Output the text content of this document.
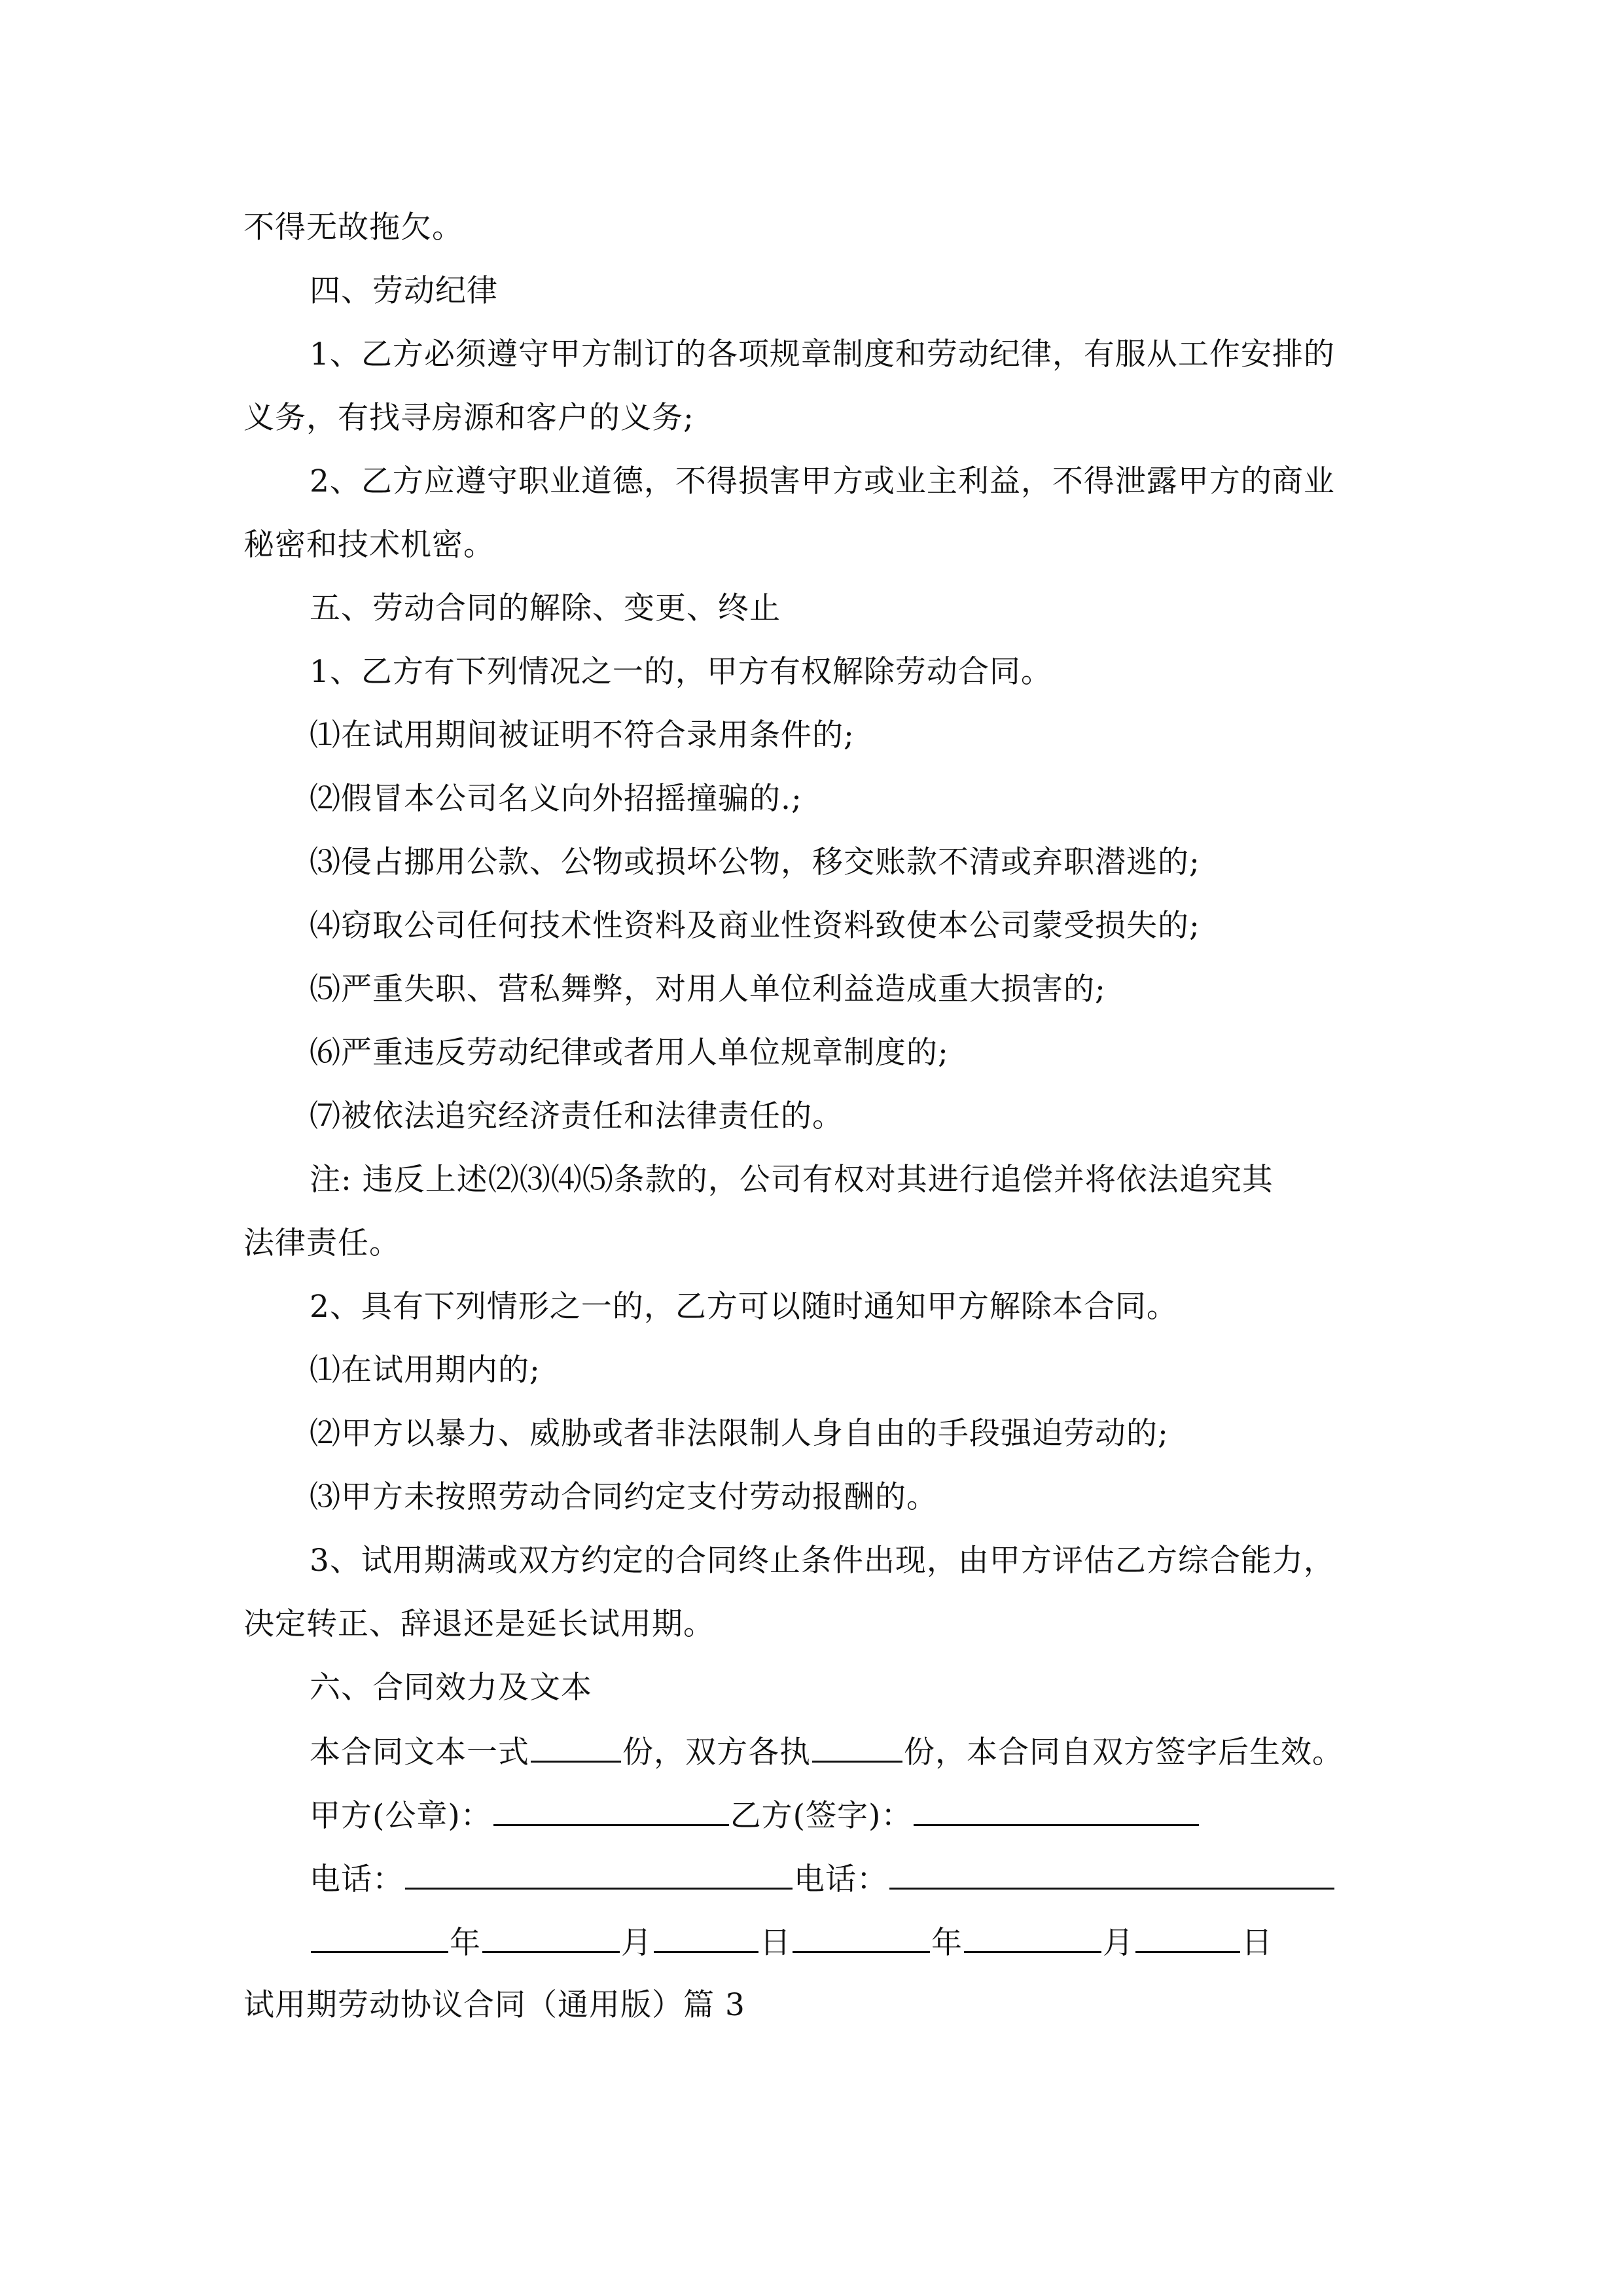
不得无故拖欠。
四、劳动纪律
1、乙方必须遵守甲方制订的各项规章制度和劳动纪律，有服从工作安排的
义务，有找寻房源和客户的义务;
2、乙方应遵守职业道德，不得损害甲方或业主利益，不得泄露甲方的商业
秘密和技术机密。
五、劳动合同的解除、变更、终止
1、乙方有下列情况之一的，甲方有权解除劳动合同。
⑴在试用期间被证明不符合录用条件的;
⑵假冒本公司名义向外招摇撞骗的.;
⑶侵占挪用公款、公物或损坏公物，移交账款不清或弃职潜逃的;
⑷窃取公司任何技术性资料及商业性资料致使本公司蒙受损失的;
⑸严重失职、营私舞弊，对用人单位利益造成重大损害的;
⑹严重违反劳动纪律或者用人单位规章制度的;
⑺被依法追究经济责任和法律责任的。
注: 违反上述⑵⑶⑷⑸条款的，公司有权对其进行追偿并将依法追究其
法律责任。
2、具有下列情形之一的，乙方可以随时通知甲方解除本合同。
⑴在试用期内的;
⑵甲方以暴力、威胁或者非法限制人身自由的手段强迫劳动的;
⑶甲方未按照劳动合同约定支付劳动报酬的。
3、试用期满或双方约定的合同终止条件出现，由甲方评估乙方综合能力，
决定转正、辞退还是延长试用期。
六、合同效力及文本
本合同文本一式	份，双方各执	份，本合同自双方签字后生效。
甲方(公章)：	乙方(签字)：
电话：	电话：
年	月	日	年	月	日
试用期劳动协议合同（通用版）篇 3
